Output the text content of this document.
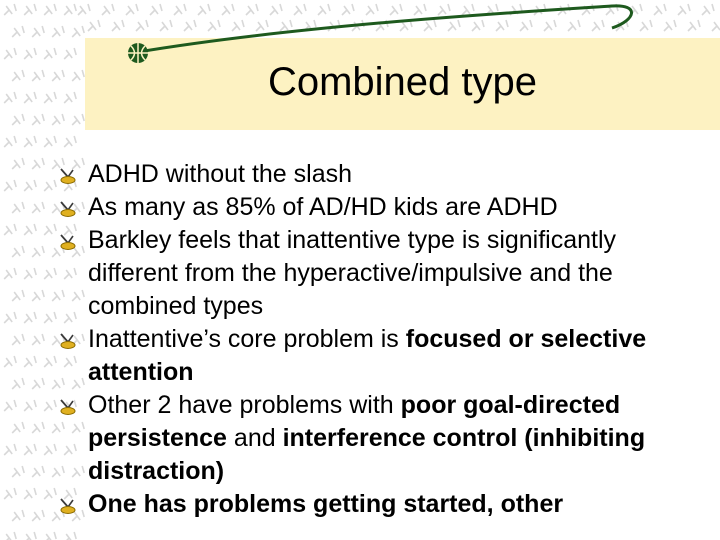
Combined type
ADHD without the slash
As many as 85% of AD/HD kids are ADHD
Barkley feels that inattentive type is significantly different from the hyperactive/impulsive and the combined types
Inattentive’s core problem is focused or selective attention
Other 2 have problems with poor goal-directed persistence and interference control (inhibiting distraction)
One has problems getting started, other
